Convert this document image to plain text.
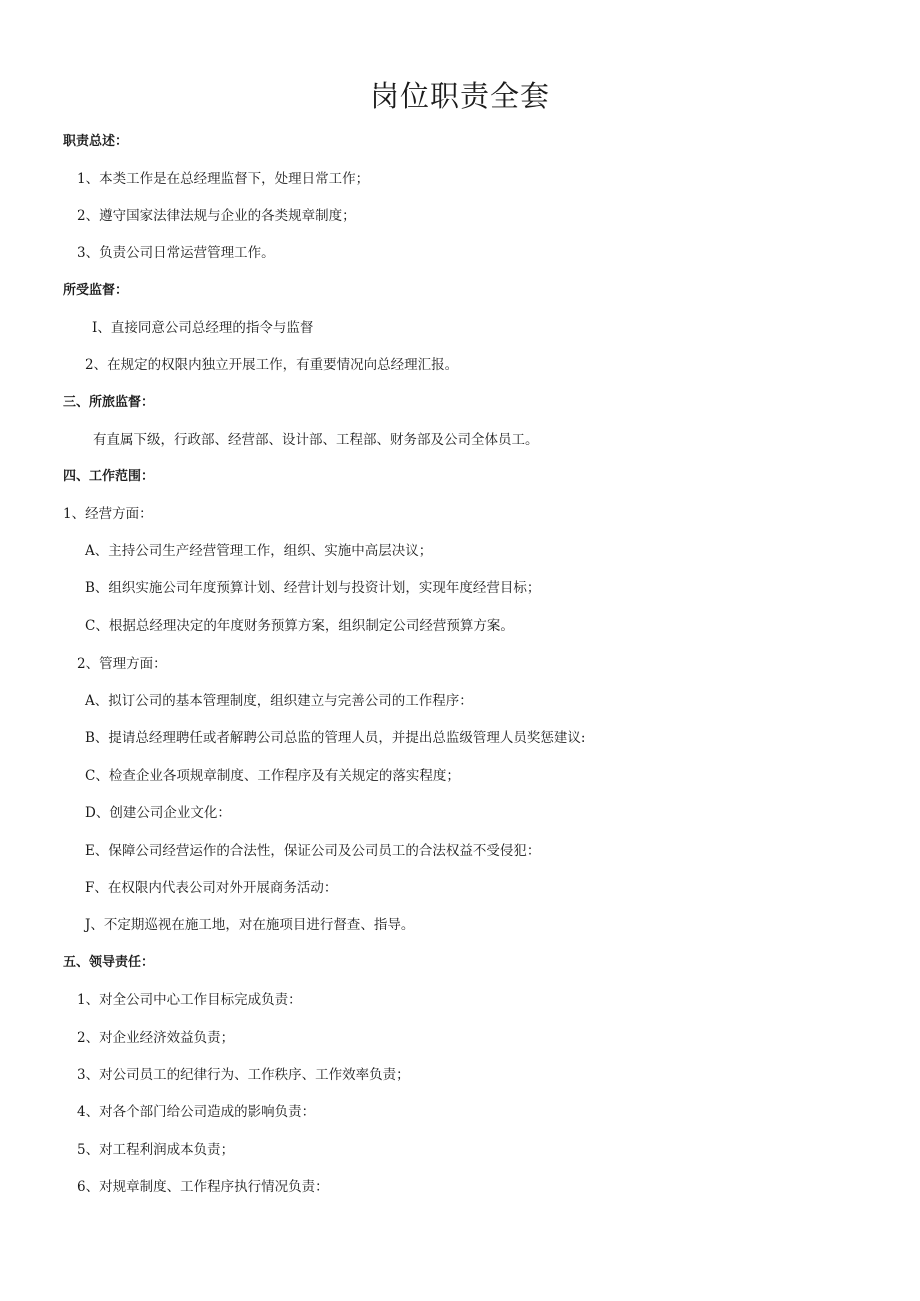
岗位职责全套
职责总述：
1、本类工作是在总经理监督下，处理日常工作；
2、遵守国家法律法规与企业的各类规章制度；
3、负责公司日常运营管理工作。
所受监督：
I、直接同意公司总经理的指令与监督
2、在规定的权限内独立开展工作，有重要情况向总经理汇报。
三、所旅监督：
有直属下级，行政部、经营部、设计部、工程部、财务部及公司全体员工。
四、工作范围：
1、经营方面：
A、主持公司生产经营管理工作，组织、实施中高层决议；
B、组织实施公司年度预算计划、经营计划与投资计划，实现年度经营目标；
C、根据总经理决定的年度财务预算方案，组织制定公司经营预算方案。
2、管理方面：
A、拟订公司的基本管理制度，组织建立与完善公司的工作程序：
B、提请总经理聘任或者解聘公司总监的管理人员，并提出总监级管理人员奖惩建议:
C、检查企业各项规章制度、工作程序及有关规定的落实程度；
D、创建公司企业文化：
E、保障公司经营运作的合法性，保证公司及公司员工的合法权益不受侵犯：
F、在权限内代表公司对外开展商务活动：
J、不定期巡视在施工地，对在施项目进行督查、指导。
五、领导责任：
1、对全公司中心工作目标完成负责：
2、对企业经济效益负责；
3、对公司员工的纪律行为、工作秩序、工作效率负责；
4、对各个部门给公司造成的影响负责：
5、对工程利润成本负责；
6、对规章制度、工作程序执行情况负责：
